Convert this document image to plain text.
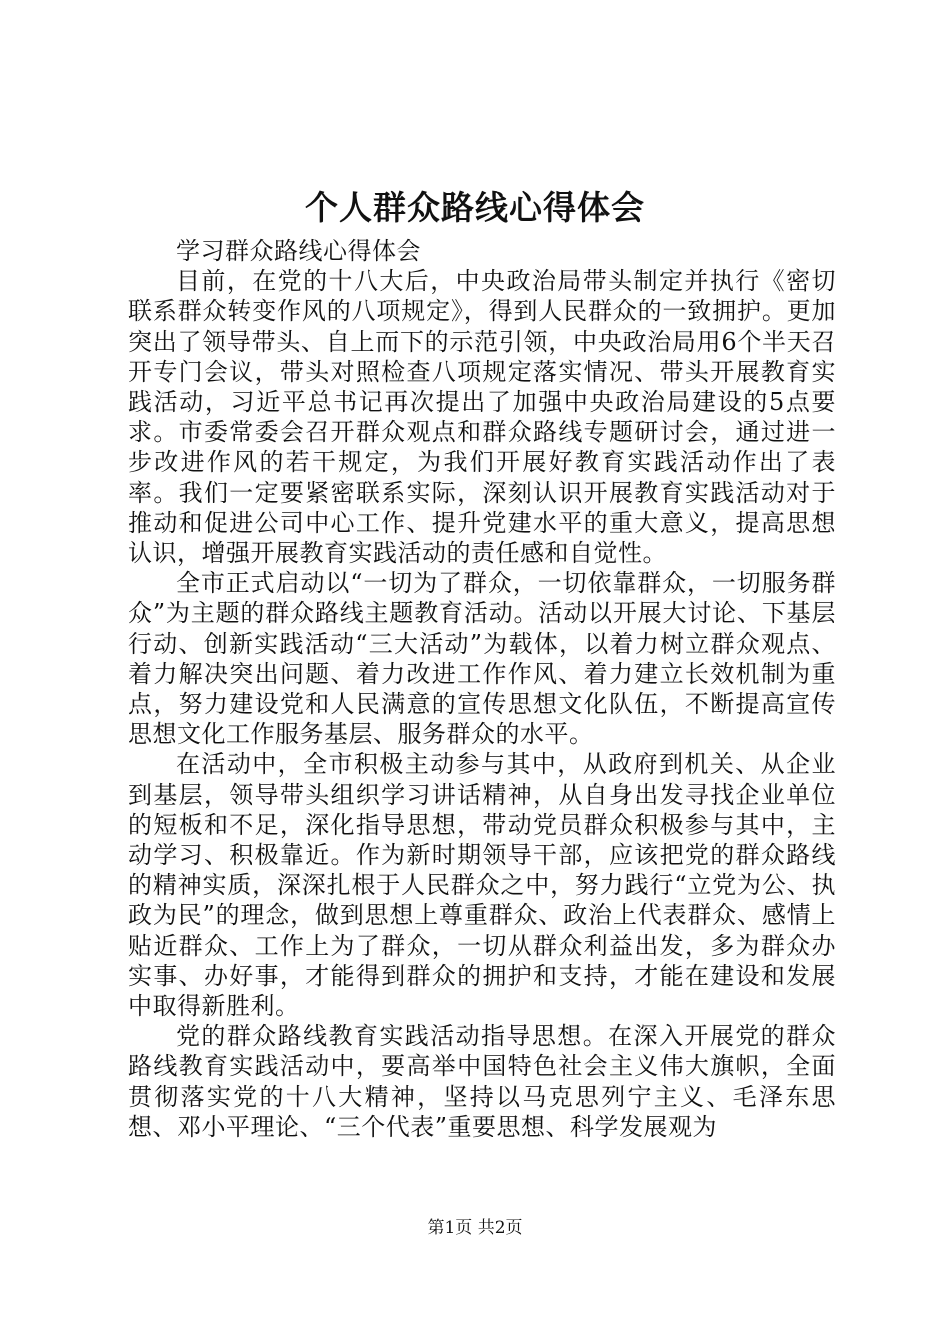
个人群众路线心得体会

学习群众路线心得体会

目前，在党的十八大后，中央政治局带头制定并执行《密切联系群众转变作风的八项规定》，得到人民群众的一致拥护。更加突出了领导带头、自上而下的示范引领，中央政治局用6个半天召开专门会议，带头对照检查八项规定落实情况、带头开展教育实践活动，习近平总书记再次提出了加强中央政治局建设的5点要求。市委常委会召开群众观点和群众路线专题研讨会，通过进一步改进作风的若干规定，为我们开展好教育实践活动作出了表率。我们一定要紧密联系实际，深刻认识开展教育实践活动对于推动和促进公司中心工作、提升党建水平的重大意义，提高思想认识，增强开展教育实践活动的责任感和自觉性。

全市正式启动以“一切为了群众，一切依靠群众，一切服务群众”为主题的群众路线主题教育活动。活动以开展大讨论、下基层行动、创新实践活动“三大活动”为载体，以着力树立群众观点、着力解决突出问题、着力改进工作作风、着力建立长效机制为重点，努力建设党和人民满意的宣传思想文化队伍，不断提高宣传思想文化工作服务基层、服务群众的水平。

在活动中，全市积极主动参与其中，从政府到机关、从企业到基层，领导带头组织学习讲话精神，从自身出发寻找企业单位的短板和不足，深化指导思想，带动党员群众积极参与其中，主动学习、积极靠近。作为新时期领导干部，应该把党的群众路线的精神实质，深深扎根于人民群众之中，努力践行“立党为公、执政为民”的理念，做到思想上尊重群众、政治上代表群众、感情上贴近群众、工作上为了群众，一切从群众利益出发，多为群众办实事、办好事，才能得到群众的拥护和支持，才能在建设和发展中取得新胜利。

党的群众路线教育实践活动指导思想。在深入开展党的群众路线教育实践活动中，要高举中国特色社会主义伟大旗帜，全面贯彻落实党的十八大精神，坚持以马克思列宁主义、毛泽东思想、邓小平理论、“三个代表”重要思想、科学发展观为

第1页 共2页
